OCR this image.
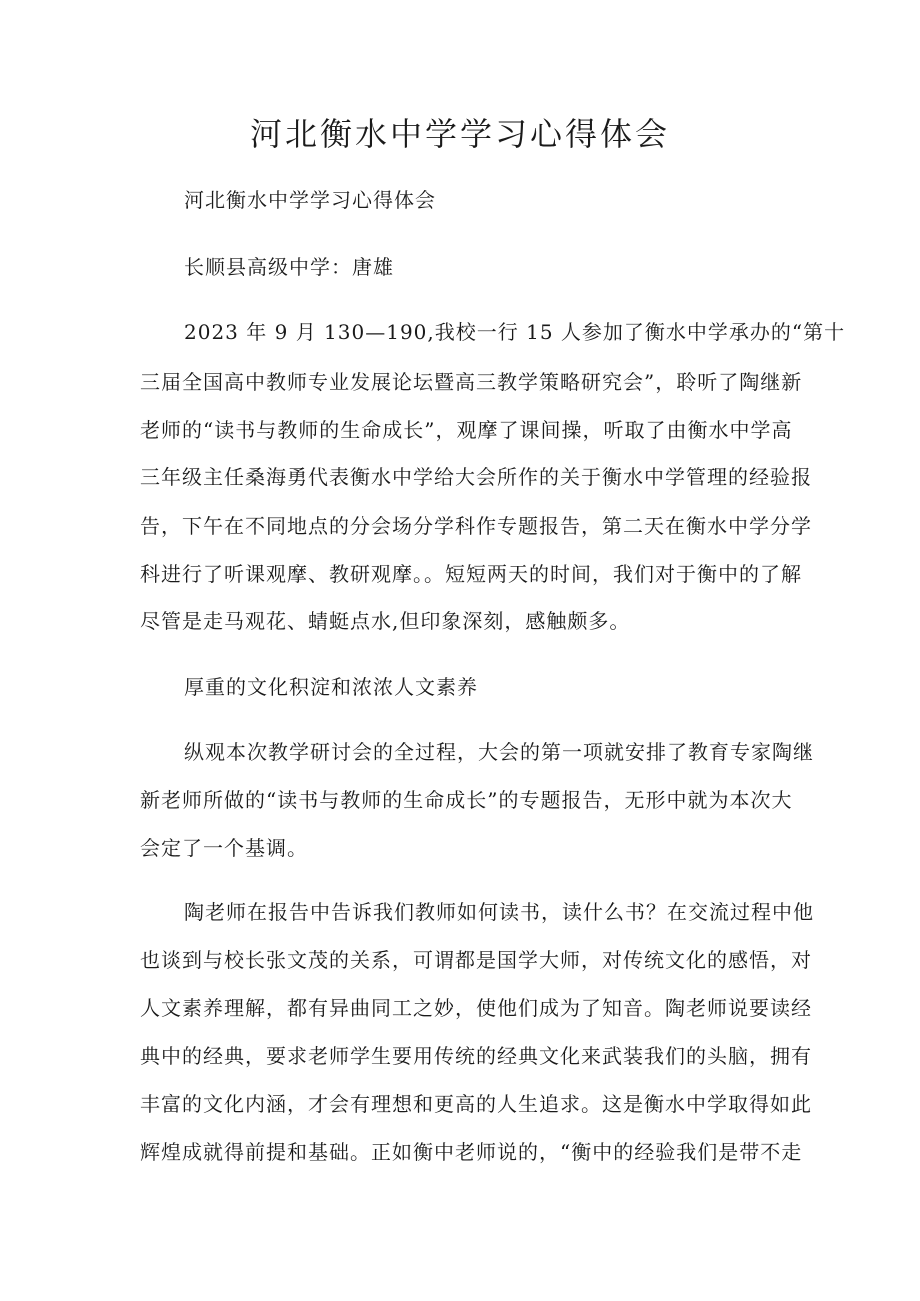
河北衡水中学学习心得体会

河北衡水中学学习心得体会

长顺县高级中学：唐雄

2023 年 9 月 130—190,我校一行 15 人参加了衡水中学承办的“第十

三届全国高中教师专业发展论坛暨高三教学策略研究会”，聆听了陶继新

老师的“读书与教师的生命成长”，观摩了课间操，听取了由衡水中学高

三年级主任桑海勇代表衡水中学给大会所作的关于衡水中学管理的经验报

告，下午在不同地点的分会场分学科作专题报告，第二天在衡水中学分学

科进行了听课观摩、教研观摩。。短短两天的时间，我们对于衡中的了解

尽管是走马观花、蜻蜓点水,但印象深刻，感触颇多。

厚重的文化积淀和浓浓人文素养

纵观本次教学研讨会的全过程，大会的第一项就安排了教育专家陶继

新老师所做的“读书与教师的生命成长”的专题报告，无形中就为本次大

会定了一个基调。

陶老师在报告中告诉我们教师如何读书，读什么书？在交流过程中他

也谈到与校长张文茂的关系，可谓都是国学大师，对传统文化的感悟，对

人文素养理解，都有异曲同工之妙，使他们成为了知音。陶老师说要读经

典中的经典，要求老师学生要用传统的经典文化来武装我们的头脑，拥有

丰富的文化内涵，才会有理想和更高的人生追求。这是衡水中学取得如此

辉煌成就得前提和基础。正如衡中老师说的，“衡中的经验我们是带不走
